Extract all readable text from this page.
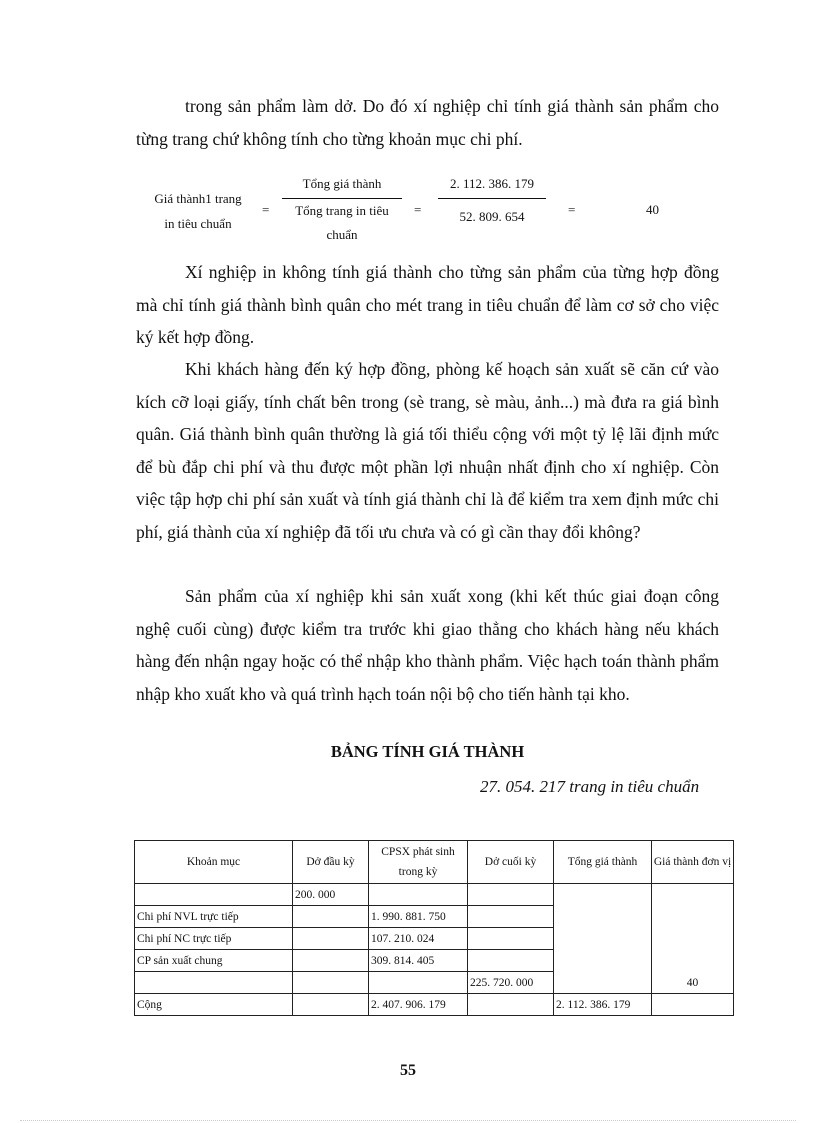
trong sản phẩm làm dở. Do đó xí nghiệp chỉ tính giá thành sản phẩm cho từng trang chứ không tính cho từng khoản mục chi phí.

Giá thành1 trang
in tiêu chuẩn
=
Tổng giá thành
Tổng trang in tiêu
chuẩn
= $\frac{2. 112. 386. 179}{52. 809. 654}$ =	40

Xí nghiệp in không tính giá thành cho từng sản phẩm của từng hợp đồng mà chỉ tính giá thành bình quân cho mét trang in tiêu chuẩn để làm cơ sở cho việc ký kết hợp đồng.

Khi khách hàng đến ký hợp đồng, phòng kế hoạch sản xuất sẽ căn cứ vào kích cỡ loại giấy, tính chất bên trong (sè trang, sè màu, ảnh...) mà đưa ra giá bình quân. Giá thành bình quân thường là giá tối thiểu cộng với một tỷ lệ lãi định mức để bù đắp chi phí và thu được một phần lợi nhuận nhất định cho xí nghiệp. Còn việc tập hợp chi phí sản xuất và tính giá thành chỉ là để kiểm tra xem định mức chi phí, giá thành của xí nghiệp đã tối ưu chưa và có gì cần thay đổi không?

Sản phẩm của xí nghiệp khi sản xuất xong (khi kết thúc giai đoạn công nghệ cuối cùng) được kiểm tra trước khi giao thẳng cho khách hàng nếu khách hàng đến nhận ngay hoặc có thể nhập kho thành phẩm. Việc hạch toán thành phẩm nhập kho xuất kho và quá trình hạch toán nội bộ cho tiến hành tại kho.

BẢNG TÍNH GIÁ THÀNH

27. 054. 217 trang in tiêu chuẩn

Khoản mục	Dở đầu kỳ	CPSX phát sinh trong kỳ	Dở cuối kỳ	Tổng giá thành	Giá thành đơn vị
	200. 000				40
Chi phí NVL trực tiếp		1. 990. 881. 750			
Chi phí NC trực tiếp		107. 210. 024			
CP sản xuất chung		309. 814. 405			
			225. 720. 000		
Cộng		2. 407. 906. 179		2. 112. 386. 179	
55
